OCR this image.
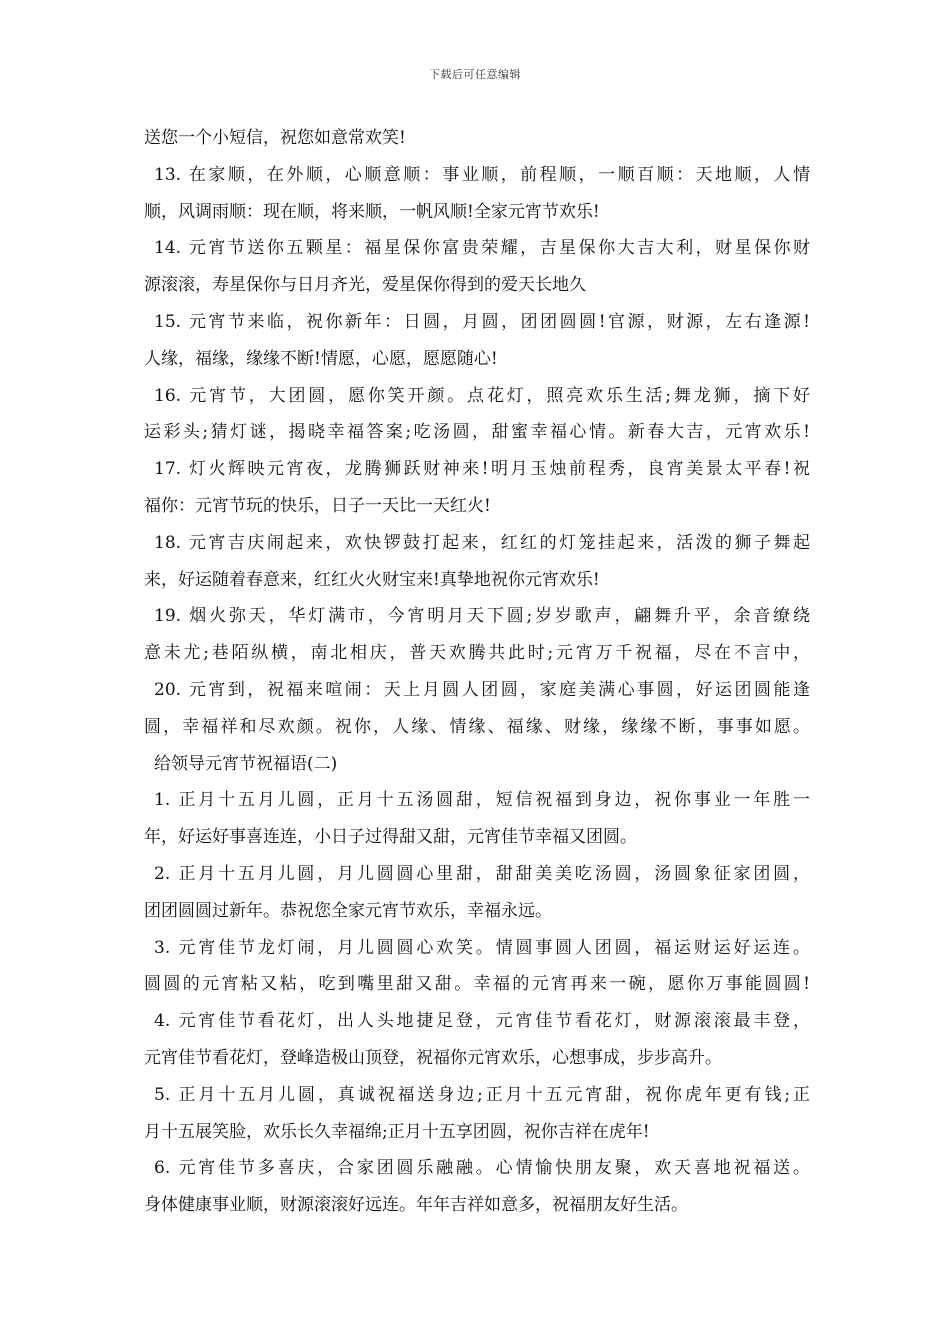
下载后可任意编辑
送您一个小短信，祝您如意常欢笑!
13. 在家顺，在外顺，心顺意顺：事业顺，前程顺，一顺百顺：天地顺，人情
顺，风调雨顺：现在顺，将来顺，一帆风顺!全家元宵节欢乐!
14. 元宵节送你五颗星：福星保你富贵荣耀，吉星保你大吉大利，财星保你财
源滚滚，寿星保你与日月齐光，爱星保你得到的爱天长地久
15. 元宵节来临，祝你新年：日圆，月圆，团团圆圆!官源，财源，左右逢源!
人缘，福缘，缘缘不断!情愿，心愿，愿愿随心!
16. 元宵节，大团圆，愿你笑开颜。点花灯，照亮欢乐生活;舞龙狮，摘下好
运彩头;猜灯谜，揭晓幸福答案;吃汤圆，甜蜜幸福心情。新春大吉，元宵欢乐!
17. 灯火辉映元宵夜，龙腾狮跃财神来!明月玉烛前程秀，良宵美景太平春!祝
福你：元宵节玩的快乐，日子一天比一天红火!
18. 元宵吉庆闹起来，欢快锣鼓打起来，红红的灯笼挂起来，活泼的狮子舞起
来，好运随着春意来，红红火火财宝来!真挚地祝你元宵欢乐!
19. 烟火弥天，华灯满市，今宵明月天下圆;岁岁歌声，翩舞升平，余音缭绕
意未尤;巷陌纵横，南北相庆，普天欢腾共此时;元宵万千祝福，尽在不言中，
20. 元宵到，祝福来喧闹：天上月圆人团圆，家庭美满心事圆，好运团圆能逢
圆，幸福祥和尽欢颜。祝你，人缘、情缘、福缘、财缘，缘缘不断，事事如愿。
给领导元宵节祝福语(二)
1. 正月十五月儿圆，正月十五汤圆甜，短信祝福到身边，祝你事业一年胜一
年，好运好事喜连连，小日子过得甜又甜，元宵佳节幸福又团圆。
2. 正月十五月儿圆，月儿圆圆心里甜，甜甜美美吃汤圆，汤圆象征家团圆，
团团圆圆过新年。恭祝您全家元宵节欢乐，幸福永远。
3. 元宵佳节龙灯闹，月儿圆圆心欢笑。情圆事圆人团圆，福运财运好运连。
圆圆的元宵粘又粘，吃到嘴里甜又甜。幸福的元宵再来一碗，愿你万事能圆圆!
4. 元宵佳节看花灯，出人头地捷足登，元宵佳节看花灯，财源滚滚最丰登，
元宵佳节看花灯，登峰造极山顶登，祝福你元宵欢乐，心想事成，步步高升。
5. 正月十五月儿圆，真诚祝福送身边;正月十五元宵甜，祝你虎年更有钱;正
月十五展笑脸，欢乐长久幸福绵;正月十五享团圆，祝你吉祥在虎年!
6. 元宵佳节多喜庆，合家团圆乐融融。心情愉快朋友聚，欢天喜地祝福送。
身体健康事业顺，财源滚滚好远连。年年吉祥如意多，祝福朋友好生活。
